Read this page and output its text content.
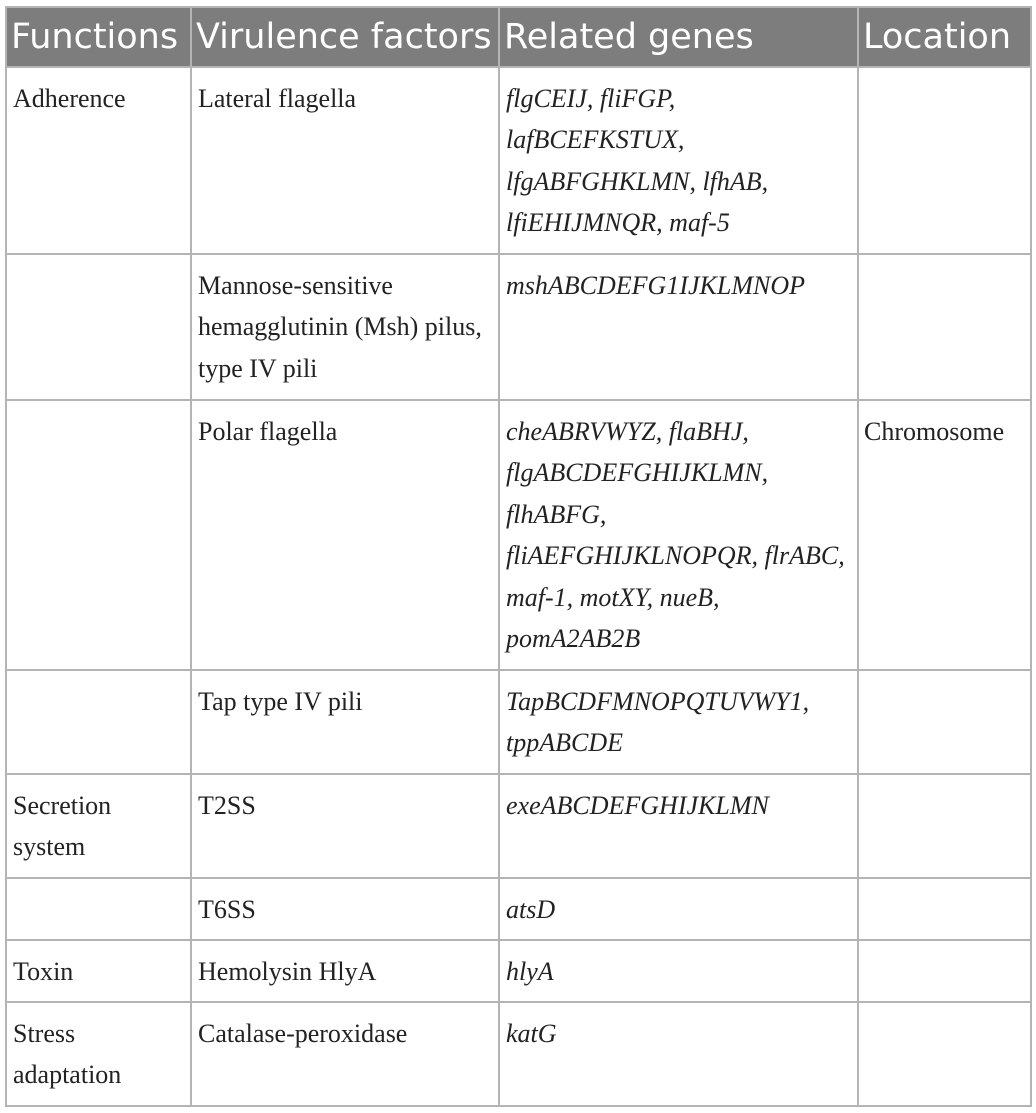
Functions	Virulence factors	Related genes	Location
Adherence	Lateral flagella	flgCEIJ, fliFGP, lafBCEFKSTUX, lfgABFGHKLMN, lfhAB, lfiEHIJMNQR, maf-5	
	Mannose-sensitive hemagglutinin (Msh) pilus, type IV pili	mshABCDEFG1IJKLMNOP	
	Polar flagella	cheABRVWYZ, flaBHJ, flgABCDEFGHIJKLMN, flhABFG, fliAEFGHIJKLNOPQR, flrABC, maf-1, motXY, nueB, pomA2AB2B	Chromosome
	Tap type IV pili	TapBCDFMNOPQTUVWY1, tppABCDE	
Secretion system	T2SS	exeABCDEFGHIJKLMN	
	T6SS	atsD	
Toxin	Hemolysin HlyA	hlyA	
Stress adaptation	Catalase-peroxidase	katG	
